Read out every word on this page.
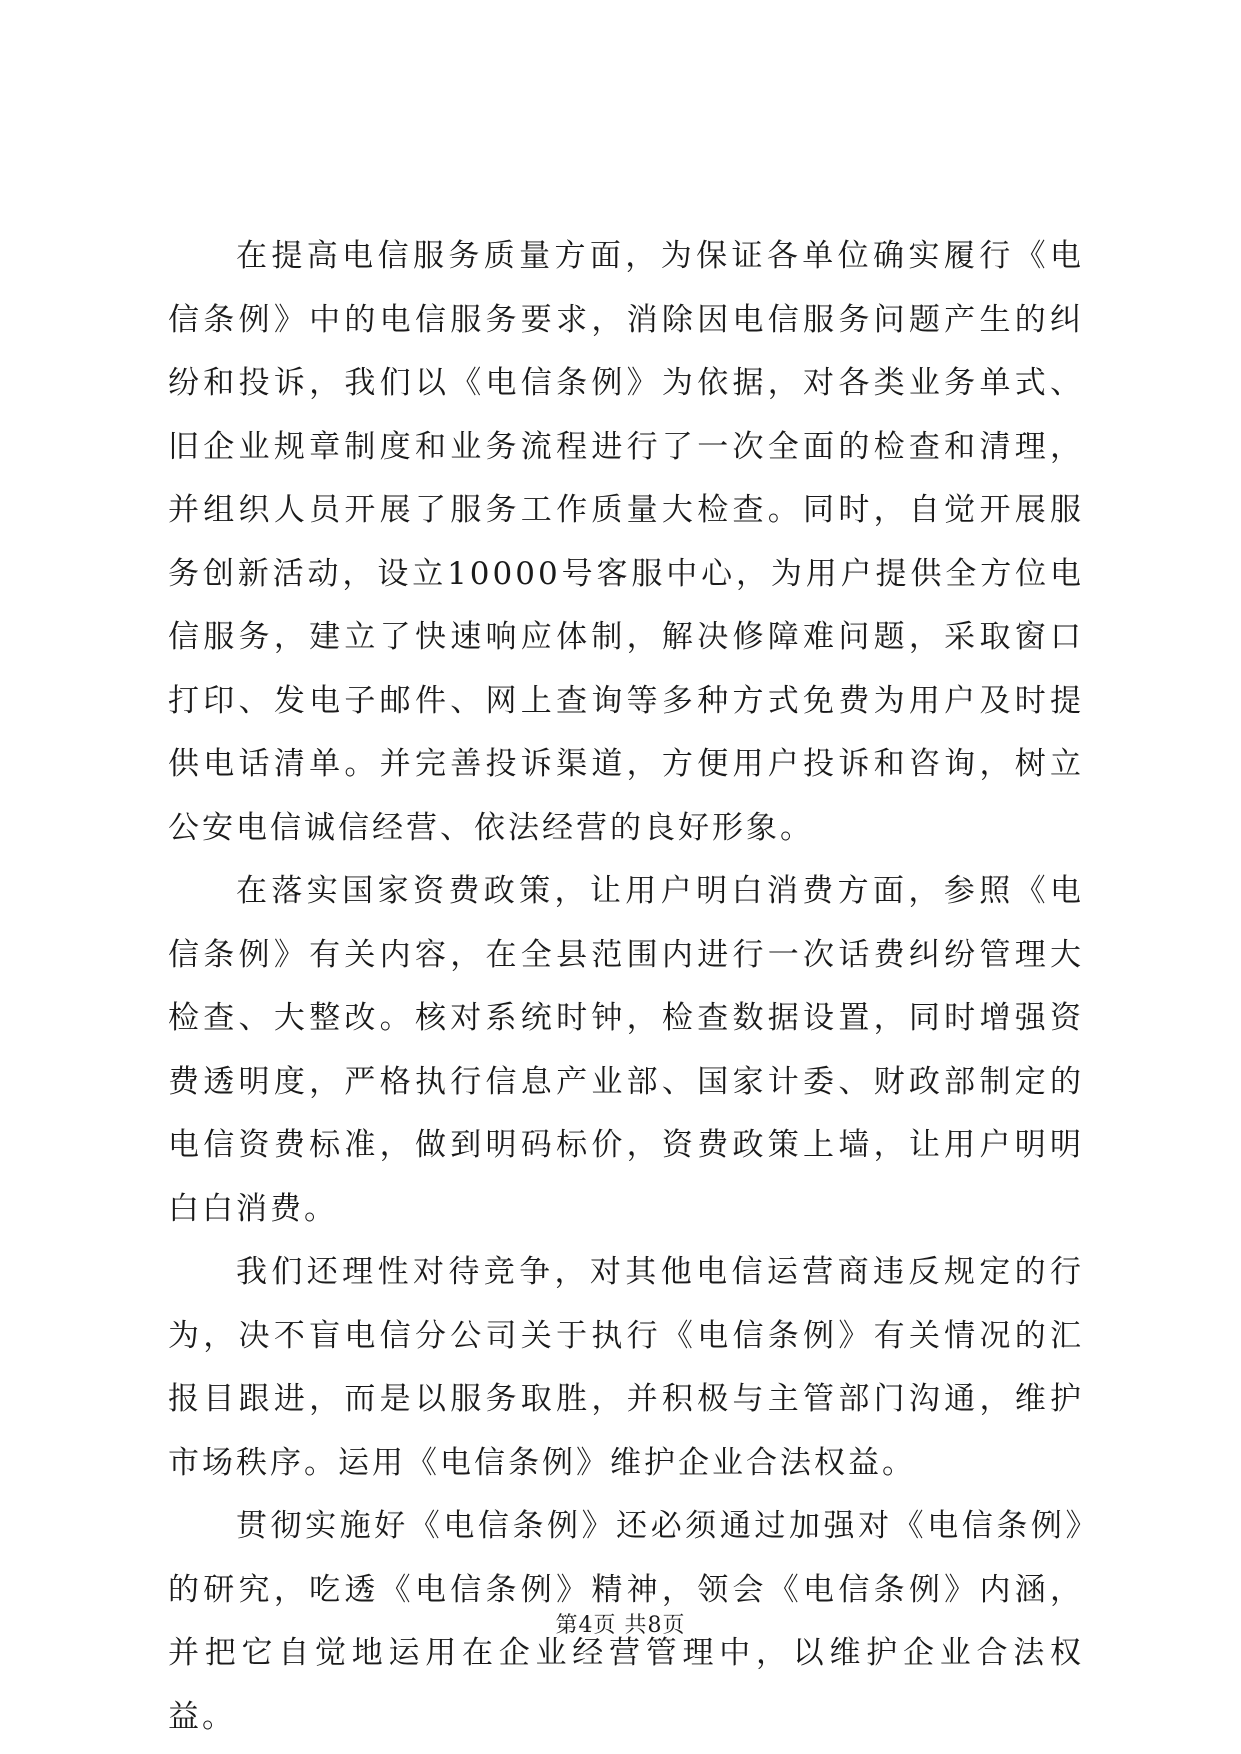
在提高电信服务质量方面，为保证各单位确实履行《电信条例》中的电信服务要求，消除因电信服务问题产生的纠纷和投诉，我们以《电信条例》为依据，对各类业务单式、旧企业规章制度和业务流程进行了一次全面的检查和清理，并组织人员开展了服务工作质量大检查。同时，自觉开展服务创新活动，设立10000号客服中心，为用户提供全方位电信服务，建立了快速响应体制，解决修障难问题，采取窗口打印、发电子邮件、网上查询等多种方式免费为用户及时提供电话清单。并完善投诉渠道，方便用户投诉和咨询，树立公安电信诚信经营、依法经营的良好形象。

在落实国家资费政策，让用户明白消费方面，参照《电信条例》有关内容，在全县范围内进行一次话费纠纷管理大检查、大整改。核对系统时钟，检查数据设置，同时增强资费透明度，严格执行信息产业部、国家计委、财政部制定的电信资费标准，做到明码标价，资费政策上墙，让用户明明白白消费。

我们还理性对待竞争，对其他电信运营商违反规定的行为，决不盲电信分公司关于执行《电信条例》有关情况的汇报目跟进，而是以服务取胜，并积极与主管部门沟通，维护市场秩序。运用《电信条例》维护企业合法权益。

贯彻实施好《电信条例》还必须通过加强对《电信条例》的研究，吃透《电信条例》精神，领会《电信条例》内涵，并把它自觉地运用在企业经营管理中，以维护企业合法权益。

第4页 共8页
